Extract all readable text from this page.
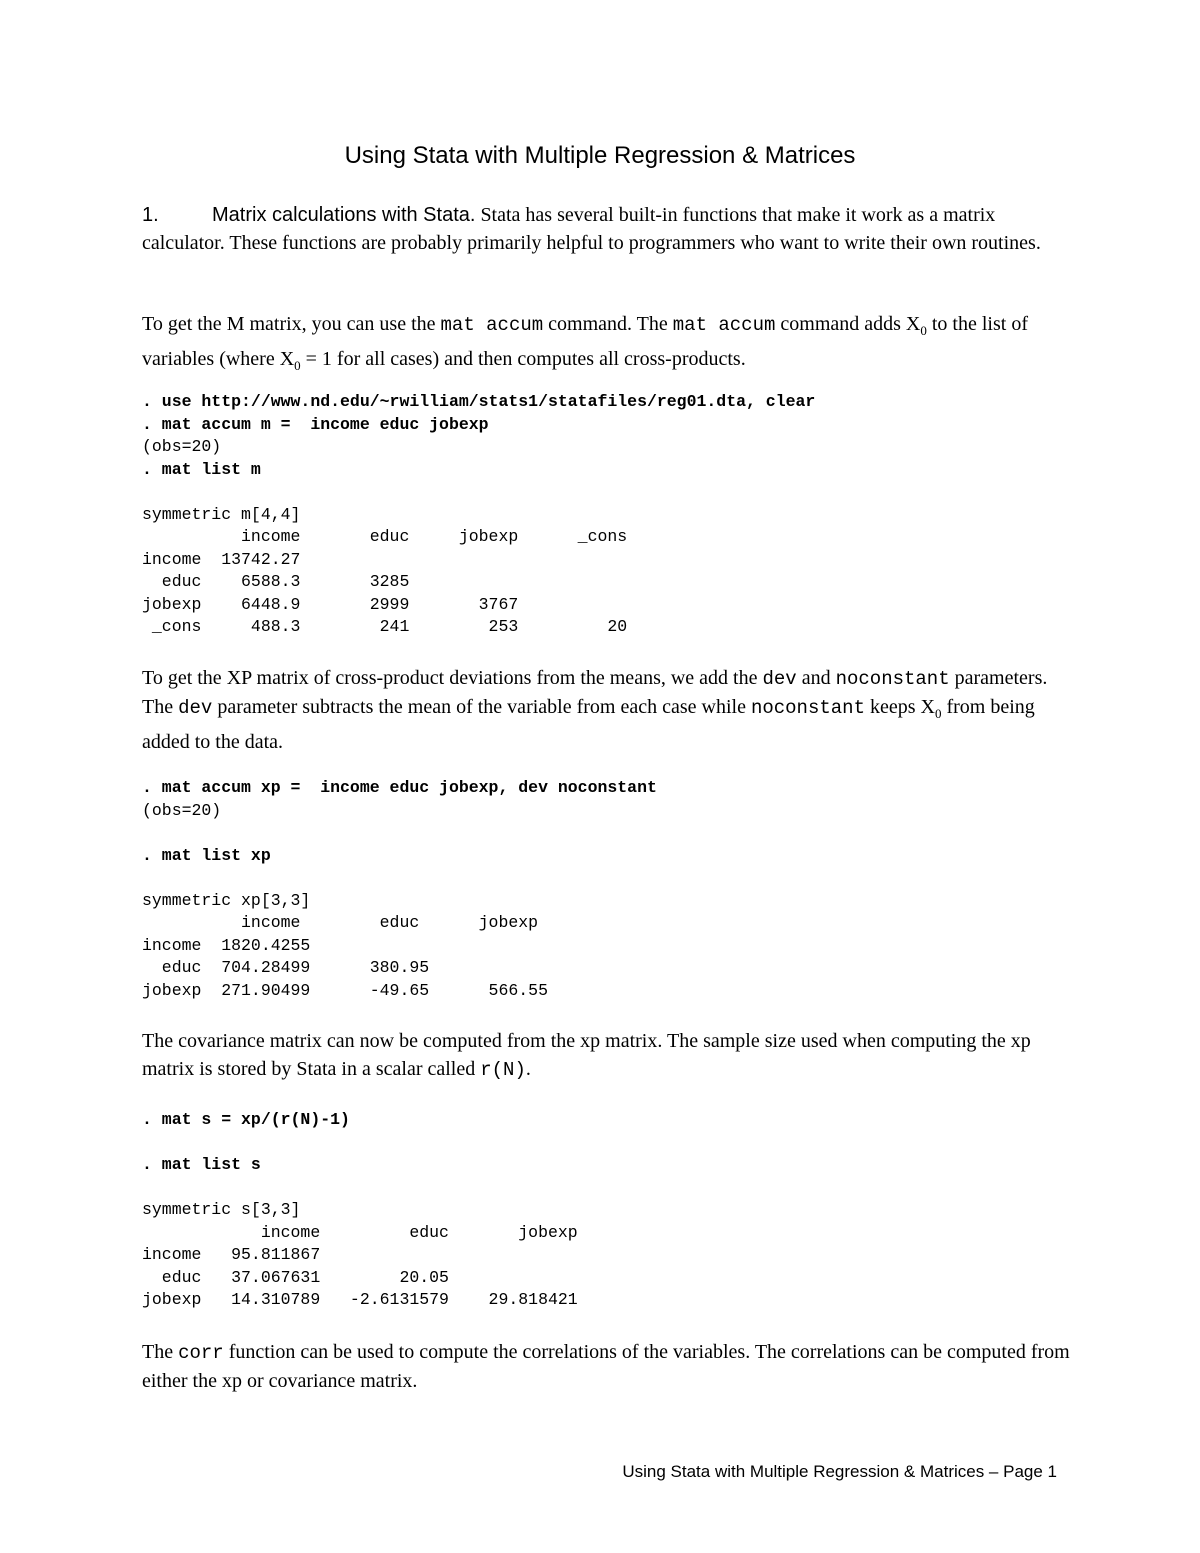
Using Stata with Multiple Regression & Matrices
1.	Matrix calculations with Stata. Stata has several built-in functions that make it work as a matrix calculator. These functions are probably primarily helpful to programmers who want to write their own routines.
To get the M matrix, you can use the mat accum command. The mat accum command adds $X_0$ to the list of variables (where $X_0 = 1$ for all cases) and then computes all cross-products.
. use http://www.nd.edu/~rwilliam/stats1/statafiles/reg01.dta, clear
. mat accum m =  income educ jobexp
(obs=20)
. mat list m

symmetric m[4,4]
income       educ     jobexp      _cons
income  13742.27
educ    6588.3       3285
jobexp    6448.9       2999       3767
_cons     488.3        241        253         20
To get the XP matrix of cross-product deviations from the means, we add the dev and noconstant parameters. The dev parameter subtracts the mean of the variable from each case while noconstant keeps $X_0$ from being added to the data.
. mat accum xp =  income educ jobexp, dev noconstant
(obs=20)

. mat list xp

symmetric xp[3,3]
income        educ      jobexp
income  1820.4255
educ  704.28499      380.95
jobexp  271.90499      -49.65      566.55
The covariance matrix can now be computed from the xp matrix. The sample size used when computing the xp matrix is stored by Stata in a scalar called r(N).
. mat s = xp/(r(N)-1)

. mat list s

symmetric s[3,3]
income         educ       jobexp
income   95.811867
educ   37.067631        20.05
jobexp   14.310789   -2.6131579    29.818421
The corr function can be used to compute the correlations of the variables. The correlations can be computed from either the xp or covariance matrix.
Using Stata with Multiple Regression & Matrices – Page 1
